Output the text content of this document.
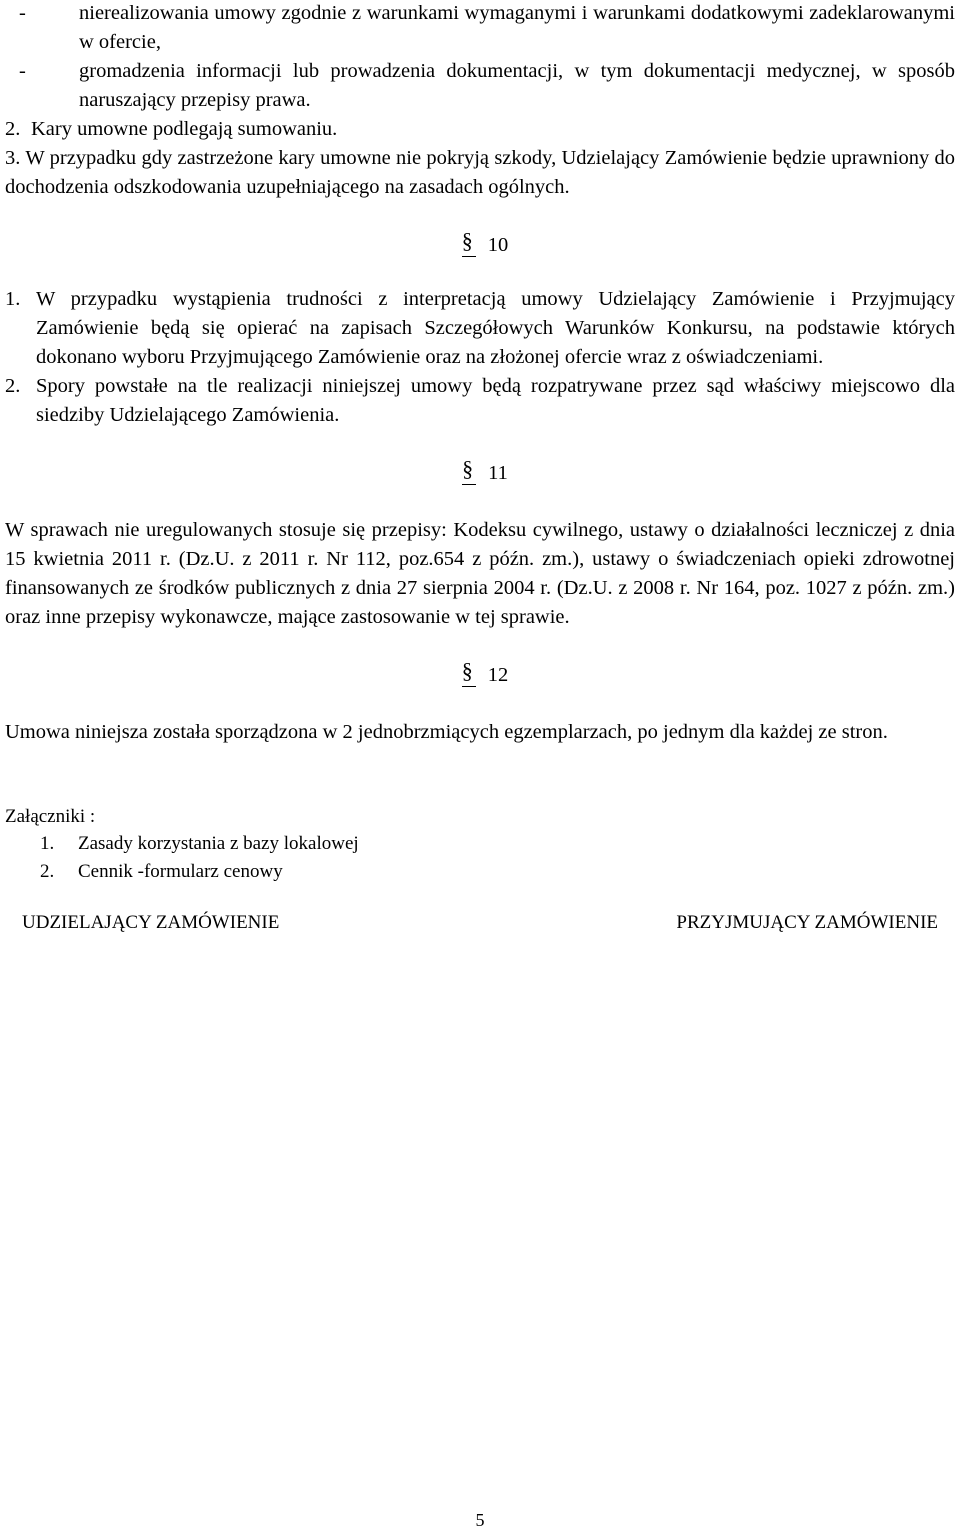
-	nierealizowania umowy zgodnie z warunkami wymaganymi i warunkami dodatkowymi zadeklarowanymi w ofercie,
-	gromadzenia informacji lub prowadzenia dokumentacji, w tym dokumentacji medycznej, w sposób naruszający przepisy prawa.
2. Kary umowne podlegają sumowaniu.
3. W przypadku gdy zastrzeżone kary umowne nie pokryją szkody, Udzielający Zamówienie będzie uprawniony do dochodzenia odszkodowania uzupełniającego na zasadach ogólnych.
§10
1. W przypadku wystąpienia trudności z interpretacją umowy Udzielający Zamówienie i Przyjmujący Zamówienie będą się opierać na zapisach Szczegółowych Warunków Konkursu, na podstawie których dokonano wyboru Przyjmującego Zamówienie oraz na złożonej ofercie wraz z oświadczeniami.
2. Spory powstałe na tle realizacji niniejszej umowy będą rozpatrywane przez sąd właściwy miejscowo dla siedziby Udzielającego Zamówienia.
§11
W sprawach nie uregulowanych stosuje się przepisy: Kodeksu cywilnego, ustawy o działalności leczniczej z dnia 15 kwietnia 2011 r. (Dz.U. z 2011 r. Nr 112, poz.654 z późn. zm.), ustawy o świadczeniach opieki zdrowotnej finansowanych ze środków publicznych z dnia 27 sierpnia 2004 r. (Dz.U. z 2008 r. Nr 164, poz. 1027 z późn. zm.) oraz inne przepisy wykonawcze, mające zastosowanie w tej sprawie.
§12
Umowa niniejsza została sporządzona w 2 jednobrzmiących egzemplarzach, po jednym dla każdej ze stron.
Załączniki :
1.	Zasady korzystania z bazy lokalowej
2.	Cennik -formularz cenowy
UDZIELAJĄCY ZAMÓWIENIE	PRZYJMUJĄCY ZAMÓWIENIE
5
